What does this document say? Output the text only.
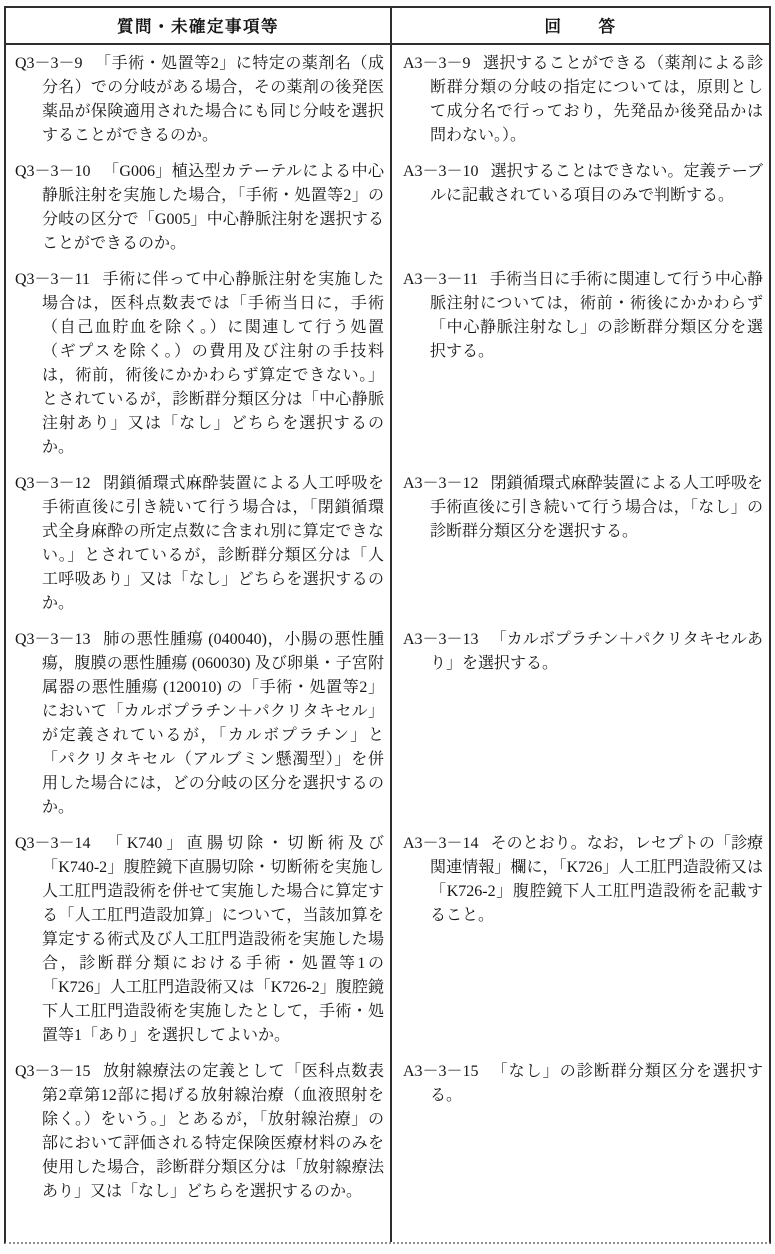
質問・未確定事項等	回　　答

Q3－3－9 「手術・処置等2」に特定の薬剤名（成分名）での分岐がある場合，その薬剤の後発医薬品が保険適用された場合にも同じ分岐を選択することができるのか。

A3－3－9 選択することができる（薬剤による診断群分類の分岐の指定については，原則として成分名で行っており，先発品か後発品かは問わない。）。

Q3－3－10 「G006」植込型カテーテルによる中心静脈注射を実施した場合，「手術・処置等2」の分岐の区分で「G005」中心静脈注射を選択することができるのか。

A3－3－10 選択することはできない。定義テーブルに記載されている項目のみで判断する。

Q3－3－11 手術に伴って中心静脈注射を実施した場合は，医科点数表では「手術当日に，手術（自己血貯血を除く。）に関連して行う処置（ギプスを除く。）の費用及び注射の手技料は，術前，術後にかかわらず算定できない。」とされているが，診断群分類区分は「中心静脈注射あり」又は「なし」どちらを選択するのか。

A3－3－11 手術当日に手術に関連して行う中心静脈注射については，術前・術後にかかわらず「中心静脈注射なし」の診断群分類区分を選択する。

Q3－3－12 閉鎖循環式麻酔装置による人工呼吸を手術直後に引き続いて行う場合は，「閉鎖循環式全身麻酔の所定点数に含まれ別に算定できない。」とされているが，診断群分類区分は「人工呼吸あり」又は「なし」どちらを選択するのか。

A3－3－12 閉鎖循環式麻酔装置による人工呼吸を手術直後に引き続いて行う場合は，「なし」の診断群分類区分を選択する。

Q3－3－13 肺の悪性腫瘍 (040040)，小腸の悪性腫瘍，腹膜の悪性腫瘍 (060030) 及び卵巣・子宮附属器の悪性腫瘍 (120010) の「手術・処置等2」において「カルボプラチン＋パクリタキセル」が定義されているが，「カルボプラチン」と「パクリタキセル（アルブミン懸濁型）」を併用した場合には，どの分岐の区分を選択するのか。

A3－3－13 「カルボプラチン＋パクリタキセルあり」を選択する。

Q3－3－14 「K740」直腸切除・切断術及び「K740-2」腹腔鏡下直腸切除・切断術を実施し人工肛門造設術を併せて実施した場合に算定する「人工肛門造設加算」について，当該加算を算定する術式及び人工肛門造設術を実施した場合，診断群分類における手術・処置等1の「K726」人工肛門造設術又は「K726-2」腹腔鏡下人工肛門造設術を実施したとして，手術・処置等1「あり」を選択してよいか。

A3－3－14 そのとおり。なお，レセプトの「診療関連情報」欄に，「K726」人工肛門造設術又は「K726-2」腹腔鏡下人工肛門造設術を記載すること。

Q3－3－15 放射線療法の定義として「医科点数表第2章第12部に掲げる放射線治療（血液照射を除く。）をいう。」とあるが，「放射線治療」の部において評価される特定保険医療材料のみを使用した場合，診断群分類区分は「放射線療法あり」又は「なし」どちらを選択するのか。

A3－3－15 「なし」の診断群分類区分を選択する。
